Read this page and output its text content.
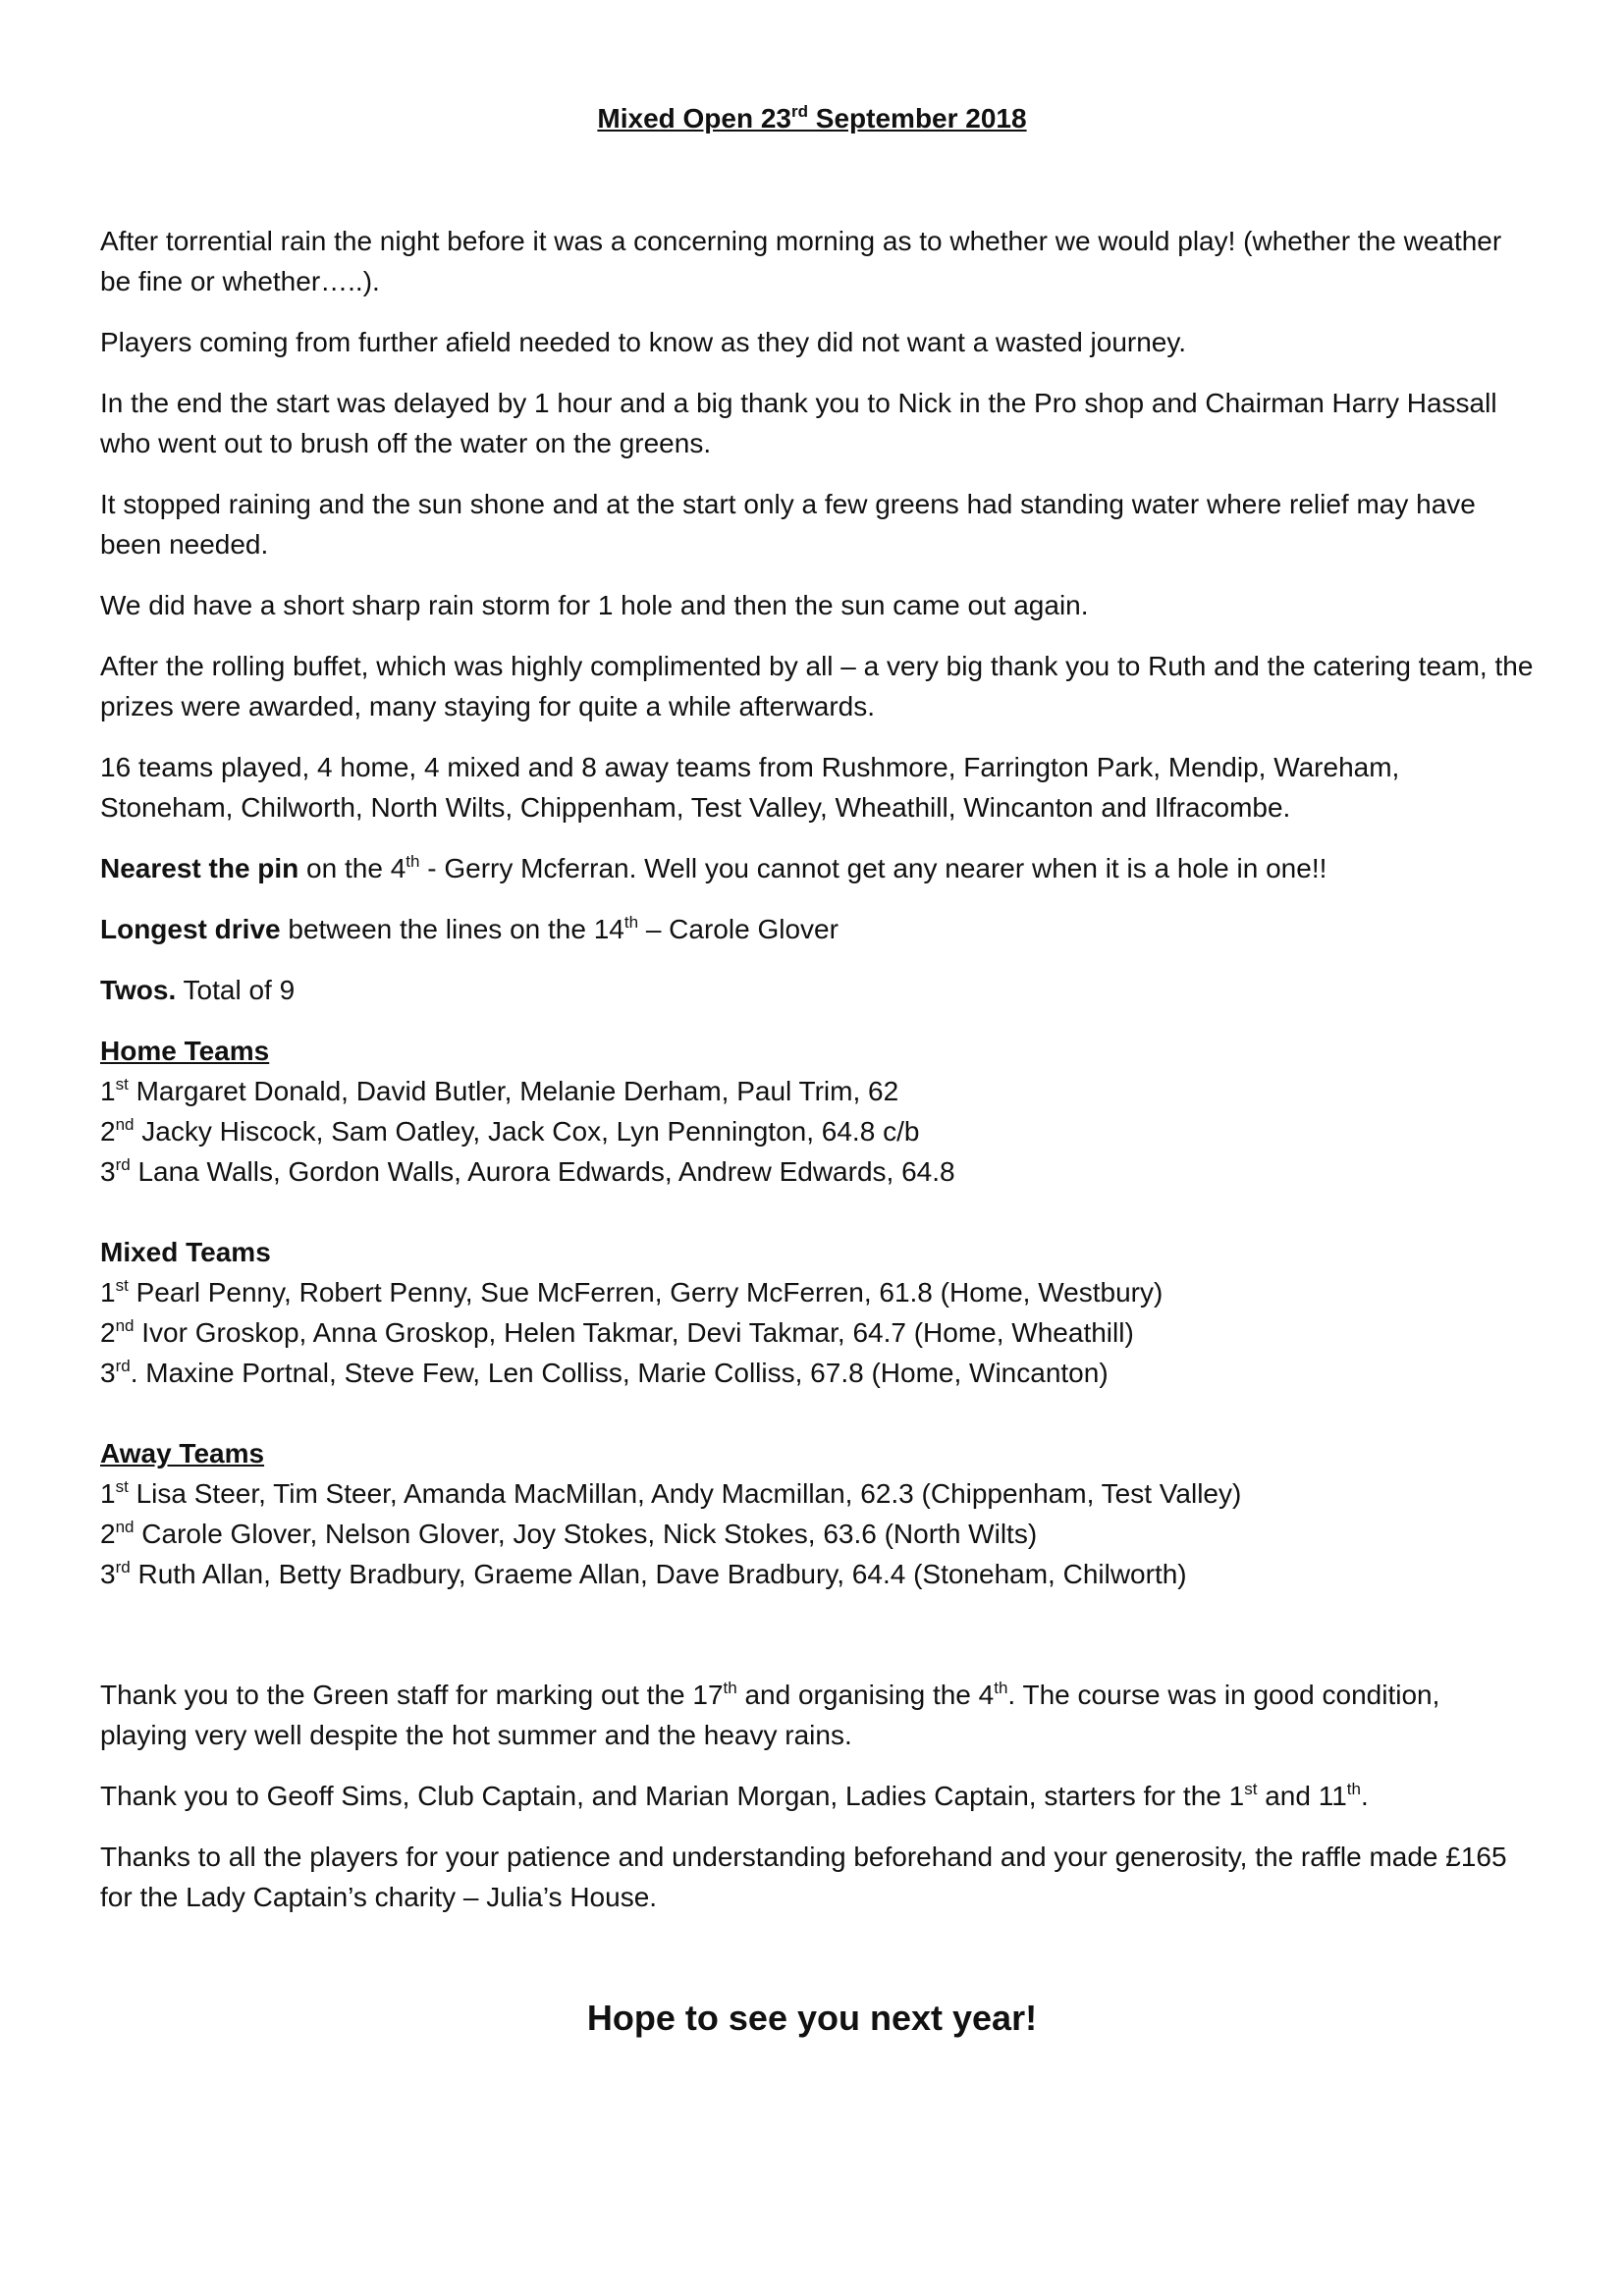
Mixed Open 23rd September 2018

After torrential rain the night before it was a concerning morning as to whether we would play! (whether the weather be fine or whether…..).

Players coming from further afield needed to know as they did not want a wasted journey.

In the end the start was delayed by 1 hour and a big thank you to Nick in the Pro shop and Chairman Harry Hassall who went out to brush off the water on the greens.

It stopped raining and the sun shone and at the start only a few greens had standing water where relief may have been needed.

We did have a short sharp rain storm for 1 hole and then the sun came out again.

After the rolling buffet, which was highly complimented by all – a very big thank you to Ruth and the catering team, the prizes were awarded, many staying for quite a while afterwards.

16 teams played, 4 home, 4 mixed and 8 away teams from Rushmore, Farrington Park, Mendip, Wareham, Stoneham, Chilworth, North Wilts, Chippenham, Test Valley, Wheathill, Wincanton and Ilfracombe.

Nearest the pin on the 4th - Gerry Mcferran. Well you cannot get any nearer when it is a hole in one!!

Longest drive between the lines on the 14th – Carole Glover

Twos. Total of 9

Home Teams

1st Margaret Donald, David Butler, Melanie Derham, Paul Trim, 62

2nd Jacky Hiscock, Sam Oatley, Jack Cox, Lyn Pennington, 64.8 c/b

3rd Lana Walls, Gordon Walls, Aurora Edwards, Andrew Edwards, 64.8

Mixed Teams

1st Pearl Penny, Robert Penny, Sue McFerren, Gerry McFerren, 61.8 (Home, Westbury)

2nd Ivor Groskop, Anna Groskop, Helen Takmar, Devi Takmar, 64.7 (Home, Wheathill)

3rd. Maxine Portnal, Steve Few, Len Colliss, Marie Colliss, 67.8 (Home, Wincanton)

Away Teams

1st Lisa Steer, Tim Steer, Amanda MacMillan, Andy Macmillan, 62.3 (Chippenham, Test Valley)

2nd Carole Glover, Nelson Glover, Joy Stokes, Nick Stokes, 63.6 (North Wilts)

3rd Ruth Allan, Betty Bradbury, Graeme Allan, Dave Bradbury, 64.4 (Stoneham, Chilworth)

Thank you to the Green staff for marking out the 17th and organising the 4th. The course was in good condition, playing very well despite the hot summer and the heavy rains.

Thank you to Geoff Sims, Club Captain, and Marian Morgan, Ladies Captain, starters for the 1st and 11th.

Thanks to all the players for your patience and understanding beforehand and your generosity, the raffle made £165 for the Lady Captain’s charity – Julia’s House.

Hope to see you next year!
